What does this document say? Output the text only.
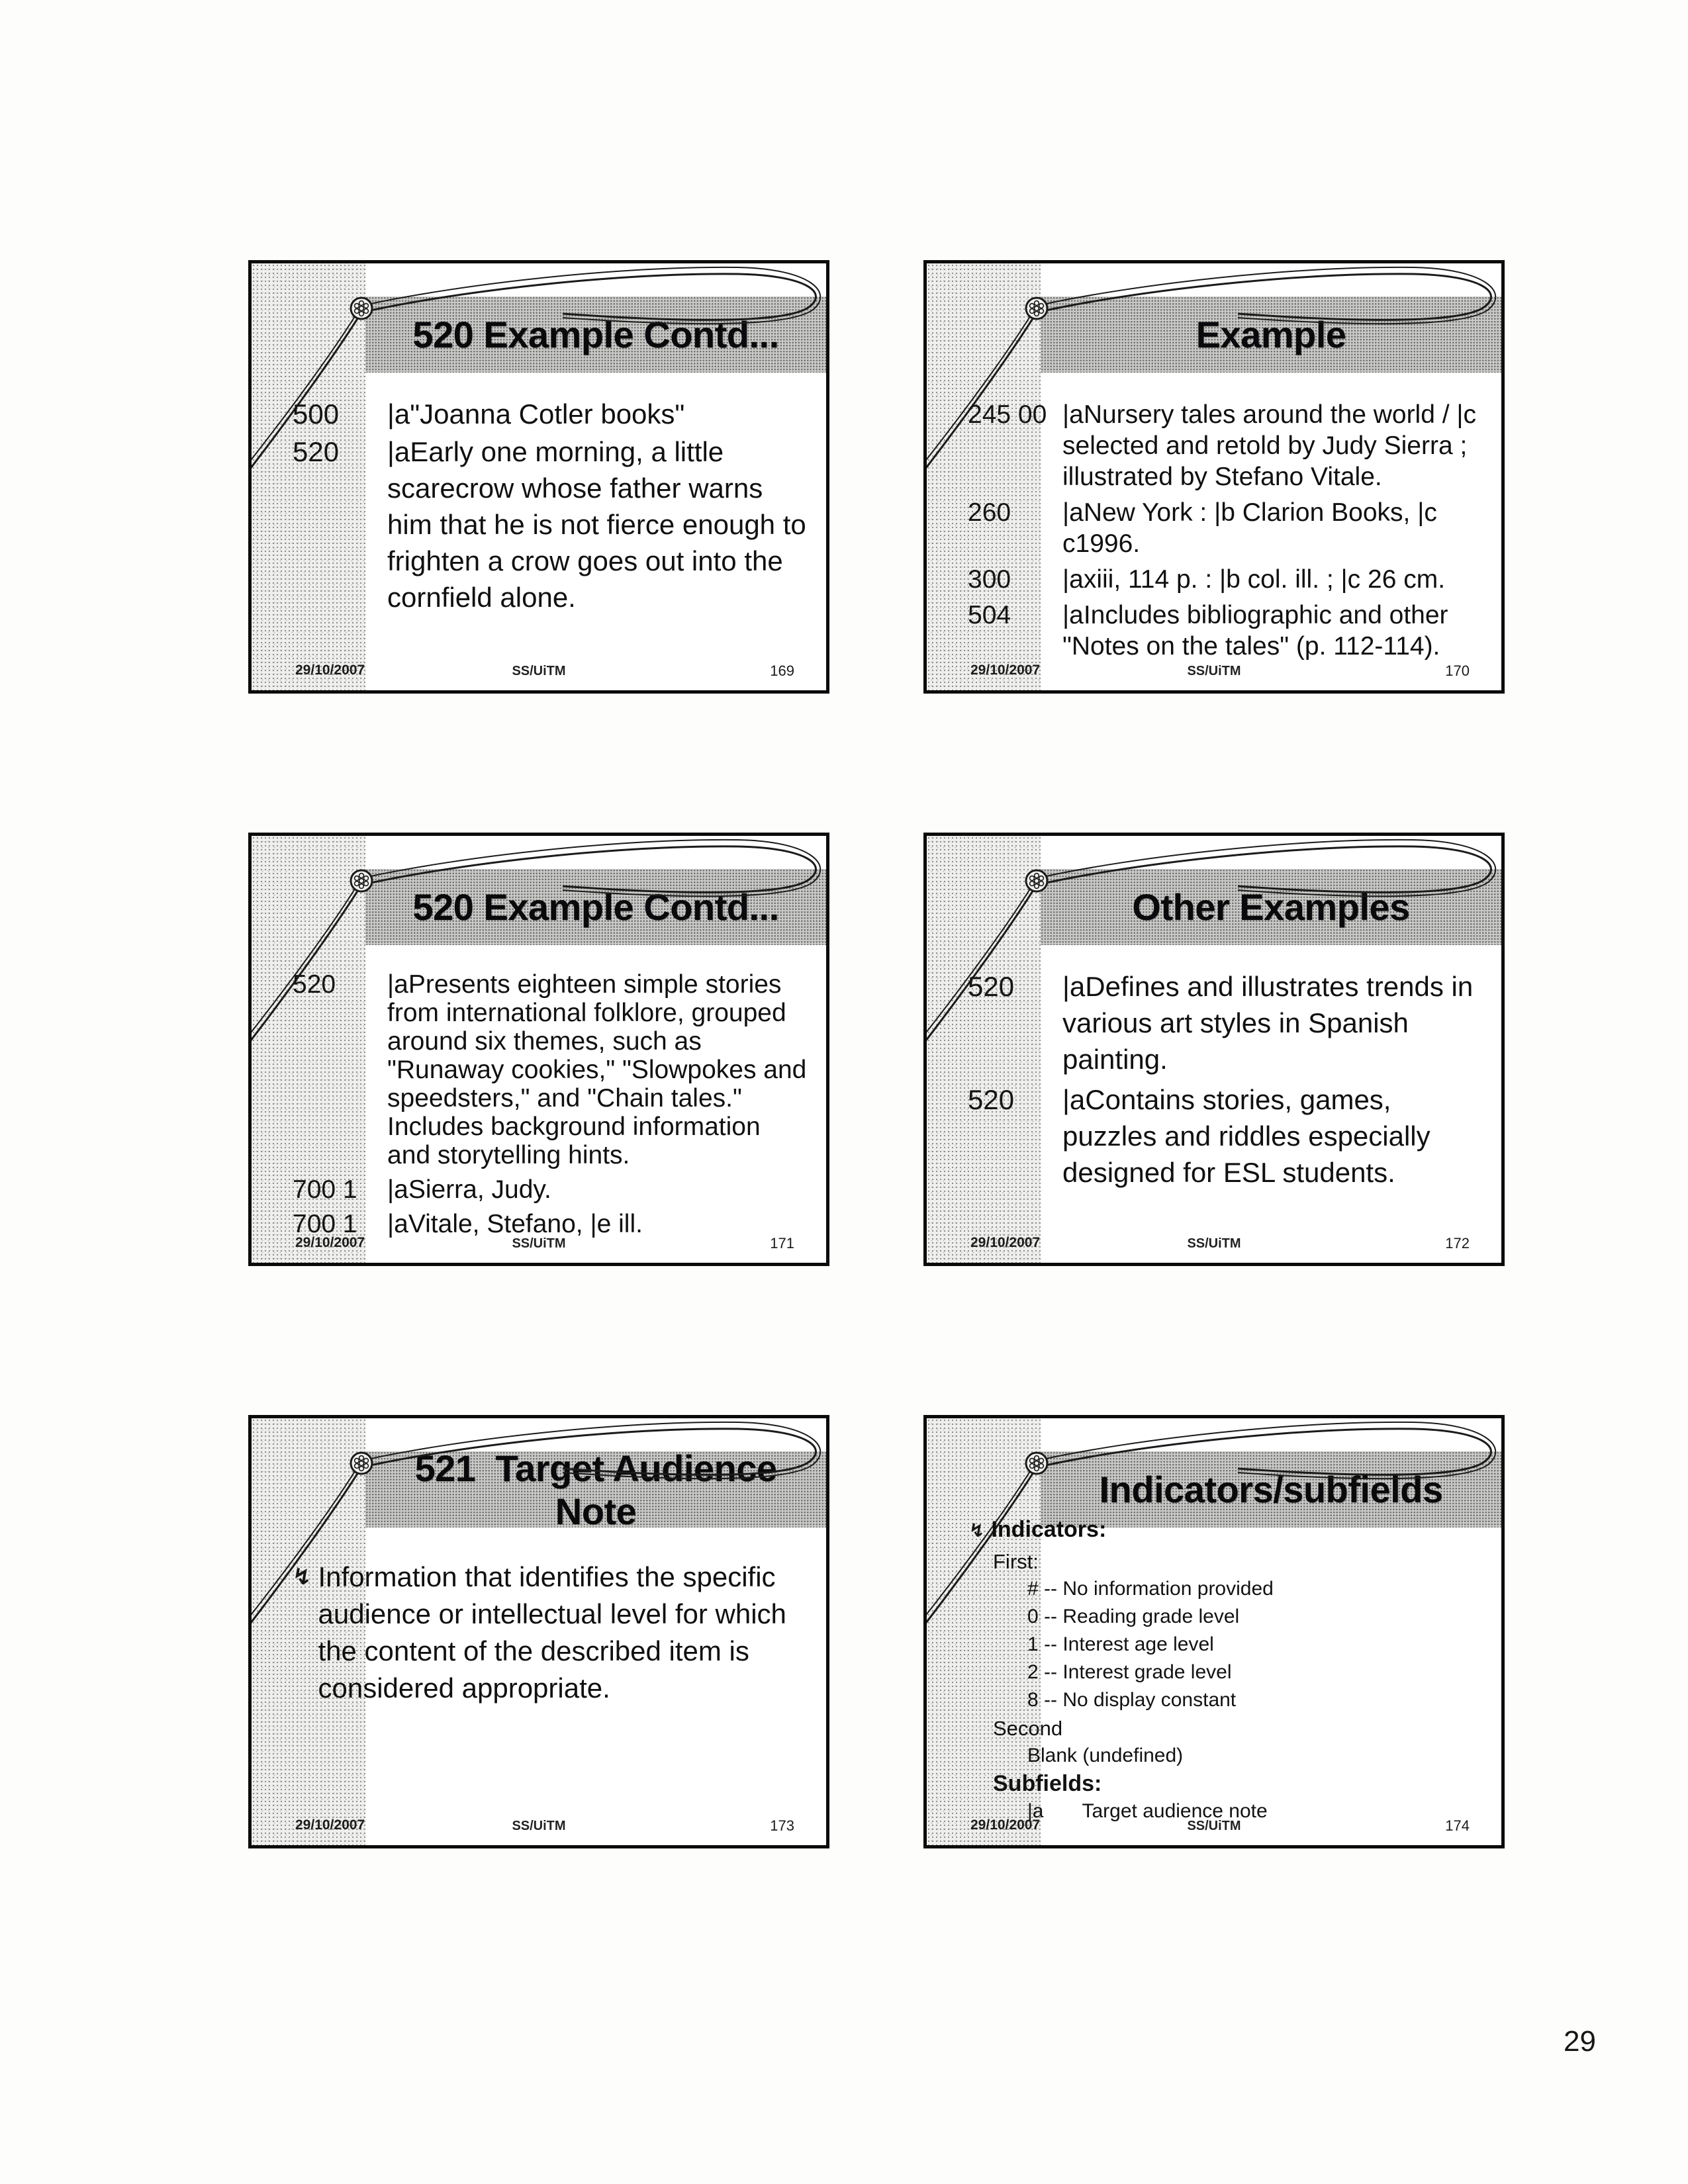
520 Example Contd...
500	|a"Joanna Cotler books"
520	|aEarly one morning, a little scarecrow whose father warns him that he is not fierce enough to frighten a crow goes out into the cornfield alone.
29/10/2007	SS/UiTM	169
Example
245 00 |aNursery tales around the world / |c selected and retold by Judy Sierra ; illustrated by Stefano Vitale.
260	|aNew York : |b Clarion Books, |c c1996.
300	|axiii, 114 p. : |b col. ill. ; |c 26 cm.
504	|aIncludes bibliographic and other "Notes on the tales" (p. 112-114).
29/10/2007	SS/UiTM	170
520 Example Contd...
520	|aPresents eighteen simple stories from international folklore, grouped around six themes, such as "Runaway cookies," "Slowpokes and speedsters," and "Chain tales." Includes background information and storytelling hints.
700 1	|aSierra, Judy.
700 1	|aVitale, Stefano, |e ill.
29/10/2007	SS/UiTM	171
Other Examples
520	|aDefines and illustrates trends in various art styles in Spanish painting.
520	|aContains stories, games, puzzles and riddles especially designed for ESL students.
29/10/2007	SS/UiTM	172
521  Target Audience Note
↯ Information that identifies the specific audience or intellectual level for which the content of the described item is considered appropriate.
29/10/2007	SS/UiTM	173
Indicators/subfields
↯ Indicators:
First:
# -- No information provided
0 -- Reading grade level
1 -- Interest age level
2 -- Interest grade level
8 -- No display constant
Second
Blank (undefined)
Subfields:
|a Target audience note
29/10/2007	SS/UiTM	174
29
